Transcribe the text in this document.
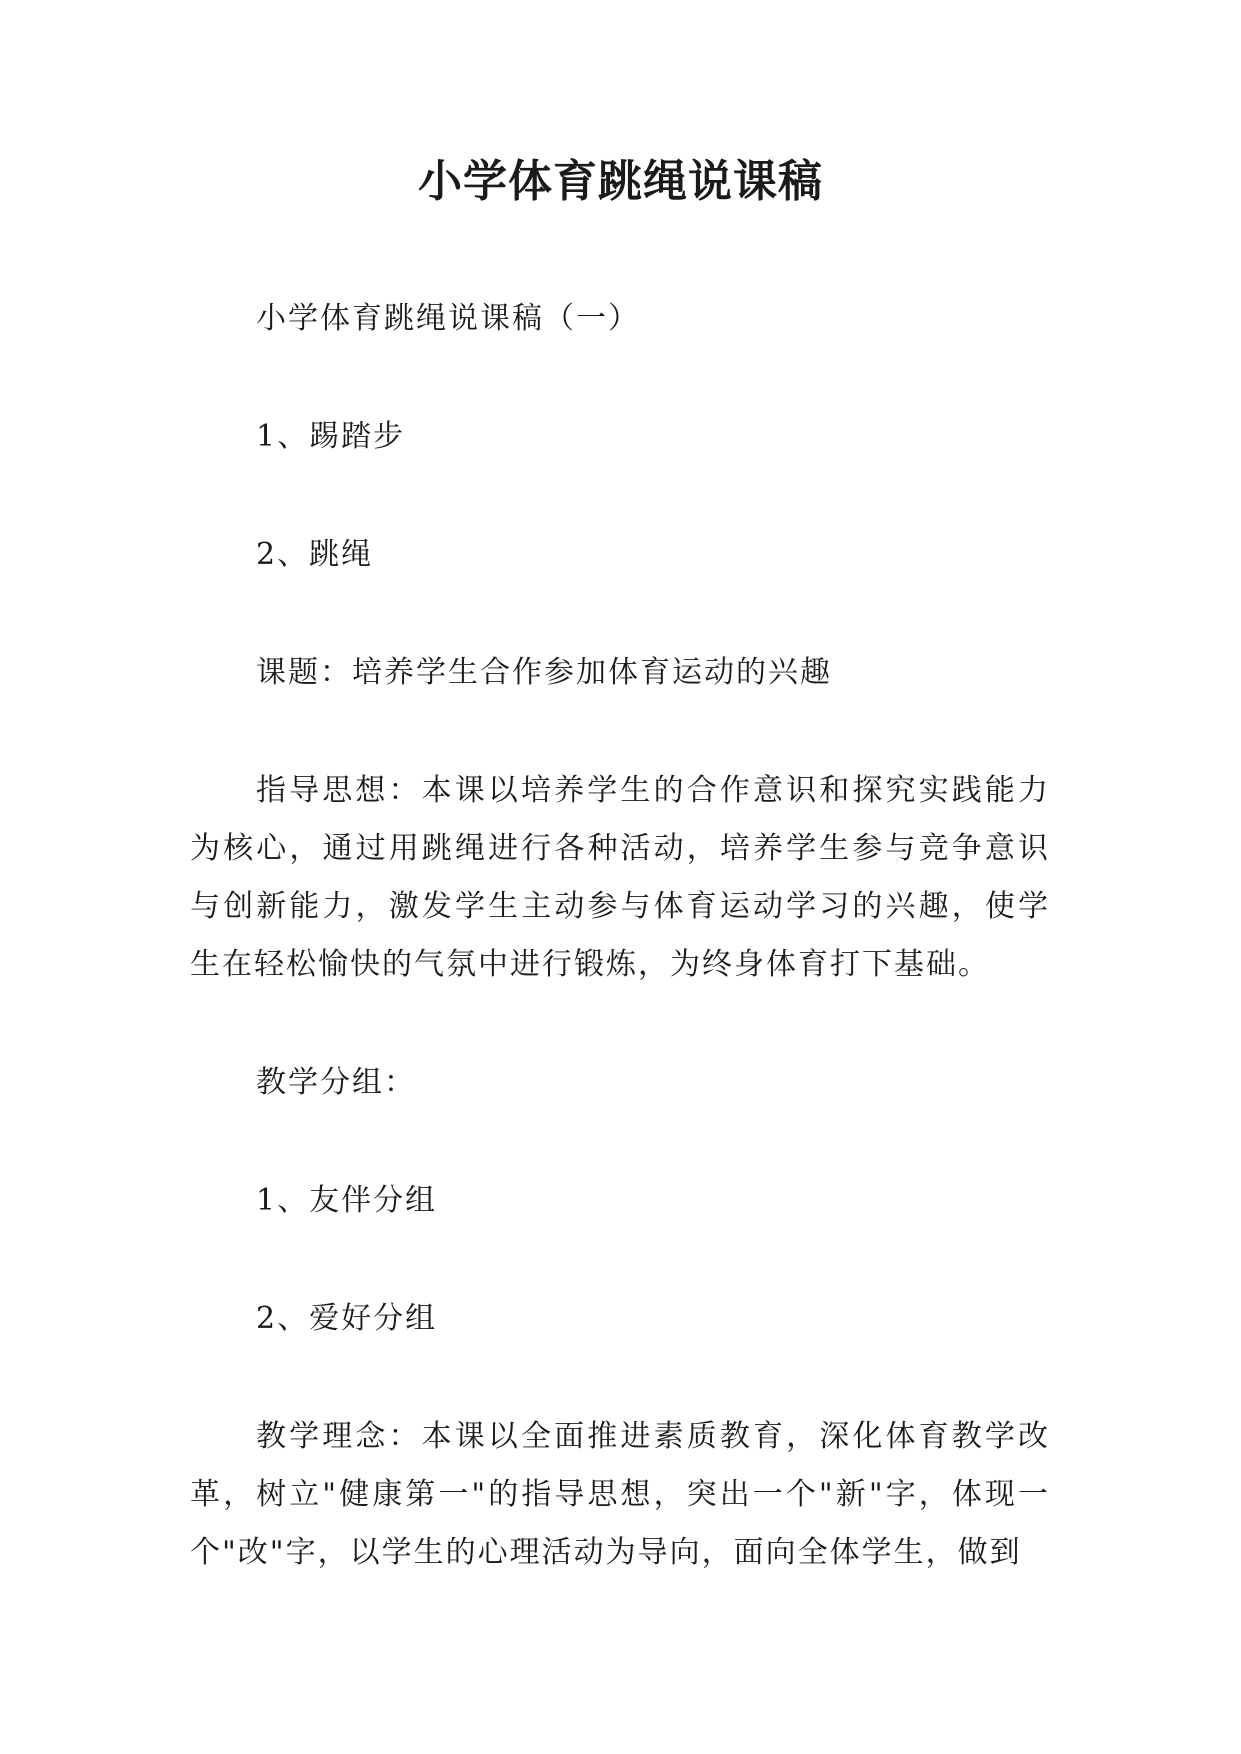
小学体育跳绳说课稿

小学体育跳绳说课稿（一）

1、踢踏步

2、跳绳

课题：培养学生合作参加体育运动的兴趣

指导思想：本课以培养学生的合作意识和探究实践能力为核心，通过用跳绳进行各种活动，培养学生参与竞争意识与创新能力，激发学生主动参与体育运动学习的兴趣，使学生在轻松愉快的气氛中进行锻炼，为终身体育打下基础。

教学分组：

1、友伴分组

2、爱好分组

教学理念：本课以全面推进素质教育，深化体育教学改革，树立"健康第一"的指导思想，突出一个"新"字，体现一个"改"字，以学生的心理活动为导向，面向全体学生，做到
